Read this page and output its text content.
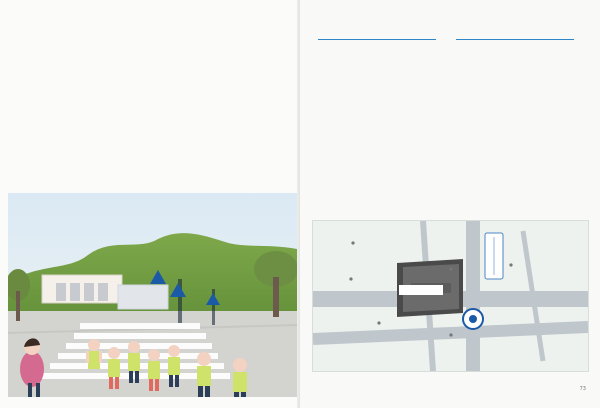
73
